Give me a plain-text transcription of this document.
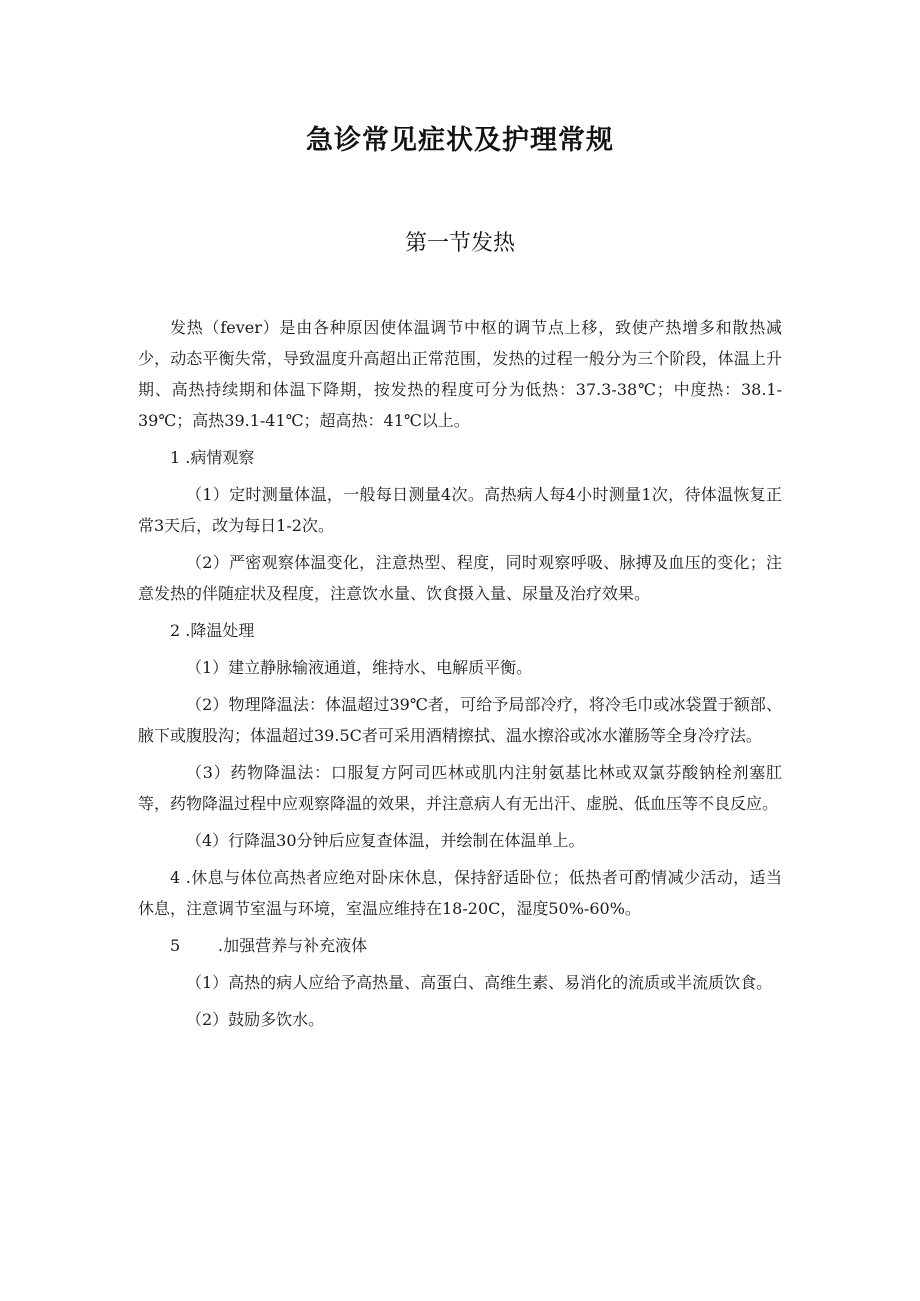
急诊常见症状及护理常规
第一节发热

发热（fever）是由各种原因使体温调节中枢的调节点上移，致使产热增多和散热减少，动态平衡失常，导致温度升高超出正常范围，发热的过程一般分为三个阶段，体温上升期、高热持续期和体温下降期，按发热的程度可分为低热：37.3-38℃；中度热：38.1-39℃；高热39.1-41℃；超高热：41℃以上。

1 .病情观察

（1）定时测量体温，一般每日测量4次。高热病人每4小时测量1次，待体温恢复正常3天后，改为每日1-2次。

（2）严密观察体温变化，注意热型、程度，同时观察呼吸、脉搏及血压的变化；注意发热的伴随症状及程度，注意饮水量、饮食摄入量、尿量及治疗效果。

2 .降温处理

（1）建立静脉输液通道，维持水、电解质平衡。

（2）物理降温法：体温超过39℃者，可给予局部冷疗，将冷毛巾或冰袋置于额部、腋下或腹股沟；体温超过39.5C者可采用酒精擦拭、温水擦浴或冰水灌肠等全身冷疗法。

（3）药物降温法：口服复方阿司匹林或肌内注射氨基比林或双氯芬酸钠栓剂塞肛等，药物降温过程中应观察降温的效果，并注意病人有无出汗、虚脱、低血压等不良反应。

（4）行降温30分钟后应复查体温，并绘制在体温单上。

4 .休息与体位高热者应绝对卧床休息，保持舒适卧位；低热者可酌情减少活动，适当休息，注意调节室温与环境，室温应维持在18-20C，湿度50%-60%。

5 .加强营养与补充液体

（1）高热的病人应给予高热量、高蛋白、高维生素、易消化的流质或半流质饮食。

（2）鼓励多饮水。
